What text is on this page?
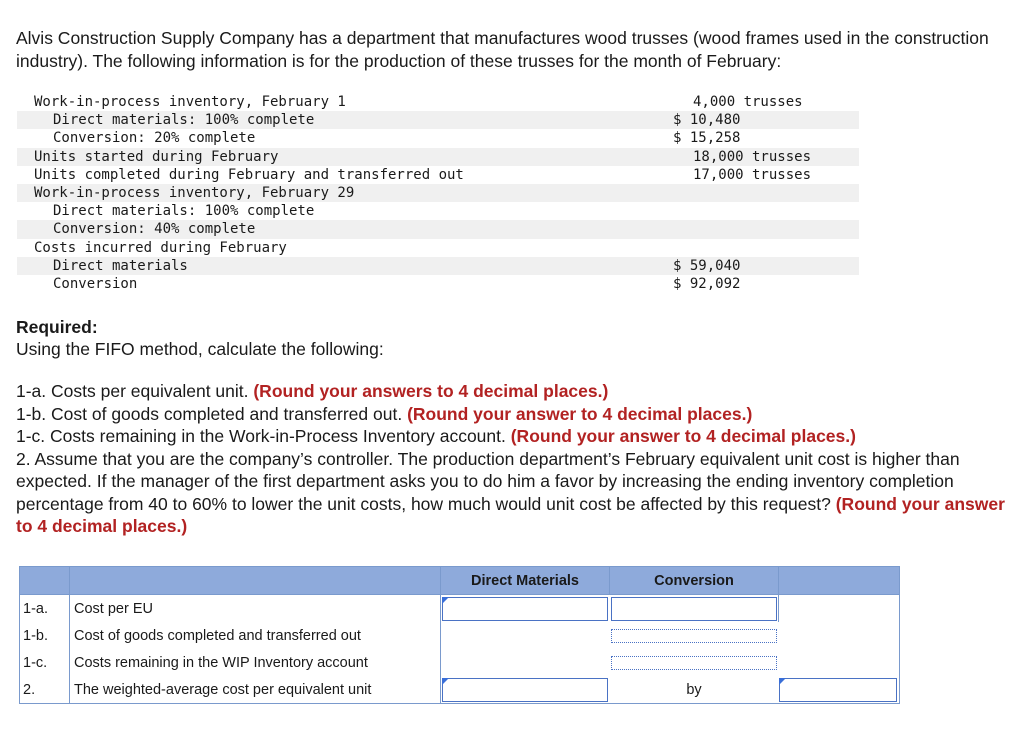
Alvis Construction Supply Company has a department that manufactures wood trusses (wood frames used in the construction industry). The following information is for the production of these trusses for the month of February:

Work-in-process inventory, February 1	4,000 trusses
Direct materials: 100% complete	$ 10,480
Conversion: 20% complete	$ 15,258
Units started during February	18,000 trusses
Units completed during February and transferred out	17,000 trusses
Work-in-process inventory, February 29	
Direct materials: 100% complete	
Conversion: 40% complete	
Costs incurred during February	
Direct materials	$ 59,040
Conversion	$ 92,092
Required:
Using the FIFO method, calculate the following:
1-a. Costs per equivalent unit. (Round your answers to 4 decimal places.)
1-b. Cost of goods completed and transferred out. (Round your answer to 4 decimal places.)
1-c. Costs remaining in the Work-in-Process Inventory account. (Round your answer to 4 decimal places.)
2. Assume that you are the company’s controller. The production department’s February equivalent unit cost is higher than expected. If the manager of the first department asks you to do him a favor by increasing the ending inventory completion percentage from 40 to 60% to lower the unit costs, how much would unit cost be affected by this request? (Round your answer to 4 decimal places.)
		Direct Materials	Conversion	
1-a.	Cost per EU			
1-b.	Cost of goods completed and transferred out			
1-c.	Costs remaining in the WIP Inventory account			
2.	The weighted-average cost per equivalent unit		by	
